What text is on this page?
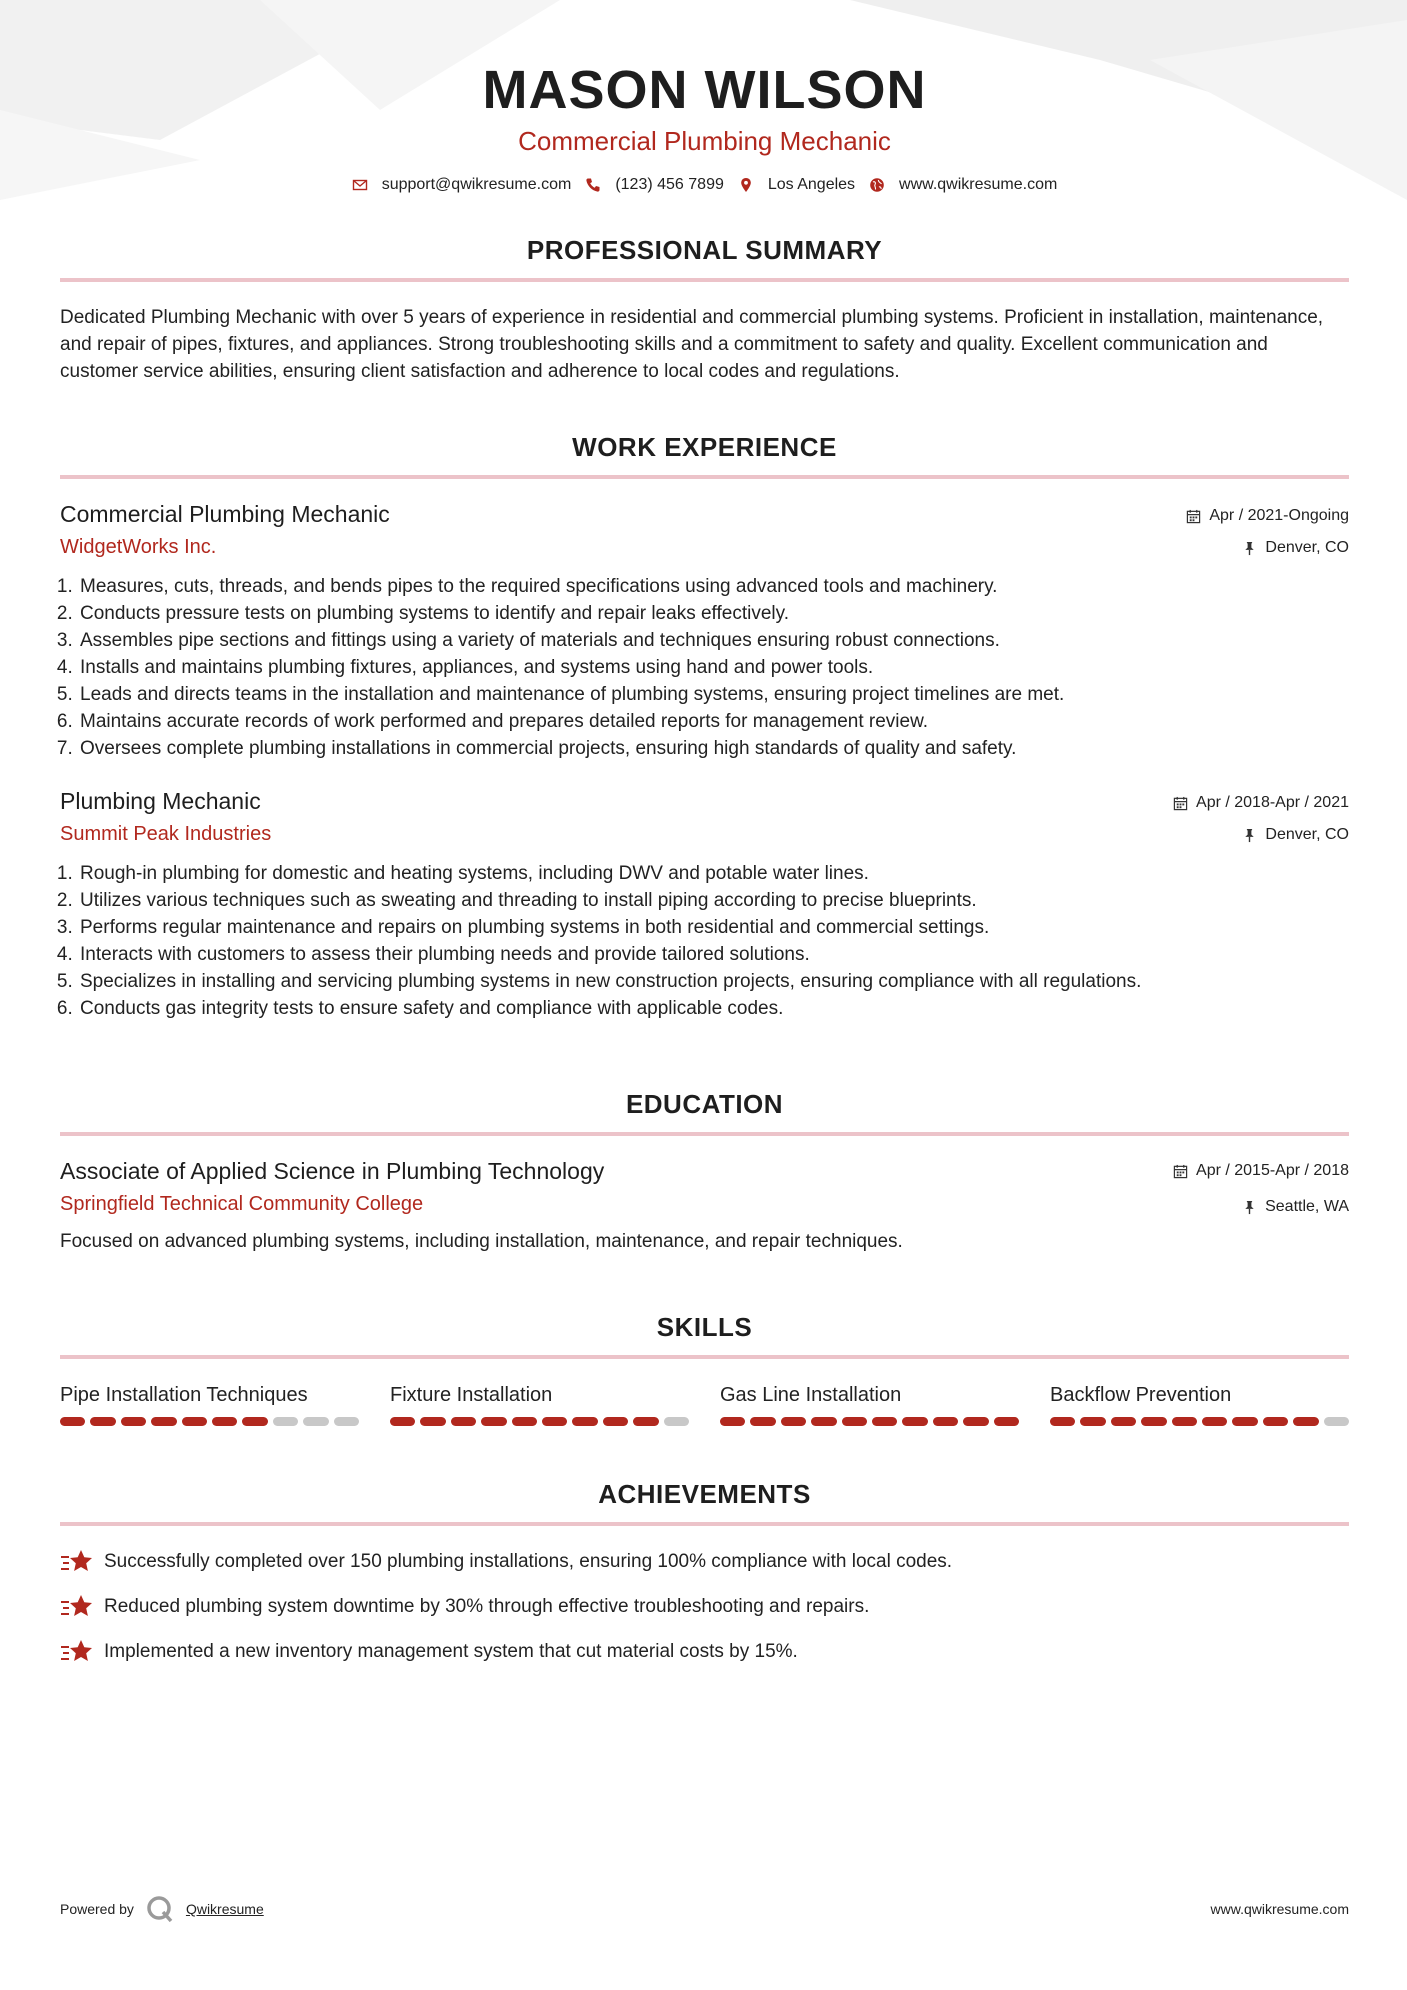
MASON WILSON
Commercial Plumbing Mechanic
support@qwikresume.com	(123) 456 7899	Los Angeles	www.qwikresume.com
PROFESSIONAL SUMMARY

Dedicated Plumbing Mechanic with over 5 years of experience in residential and commercial plumbing systems. Proficient in installation, maintenance, and repair of pipes, fixtures, and appliances. Strong troubleshooting skills and a commitment to safety and quality. Excellent communication and customer service abilities, ensuring client satisfaction and adherence to local codes and regulations.

WORK EXPERIENCE
Commercial Plumbing Mechanic
WidgetWorks Inc.
Apr / 2021-Ongoing
Denver, CO
1. Measures, cuts, threads, and bends pipes to the required specifications using advanced tools and machinery.
2. Conducts pressure tests on plumbing systems to identify and repair leaks effectively.
3. Assembles pipe sections and fittings using a variety of materials and techniques ensuring robust connections.
4. Installs and maintains plumbing fixtures, appliances, and systems using hand and power tools.
5. Leads and directs teams in the installation and maintenance of plumbing systems, ensuring project timelines are met.
6. Maintains accurate records of work performed and prepares detailed reports for management review.
7. Oversees complete plumbing installations in commercial projects, ensuring high standards of quality and safety.
Plumbing Mechanic
Summit Peak Industries
Apr / 2018-Apr / 2021
Denver, CO
1. Rough-in plumbing for domestic and heating systems, including DWV and potable water lines.
2. Utilizes various techniques such as sweating and threading to install piping according to precise blueprints.
3. Performs regular maintenance and repairs on plumbing systems in both residential and commercial settings.
4. Interacts with customers to assess their plumbing needs and provide tailored solutions.
5. Specializes in installing and servicing plumbing systems in new construction projects, ensuring compliance with all regulations.
6. Conducts gas integrity tests to ensure safety and compliance with applicable codes.
EDUCATION
Associate of Applied Science in Plumbing Technology
Springfield Technical Community College
Apr / 2015-Apr / 2018
Seattle, WA

Focused on advanced plumbing systems, including installation, maintenance, and repair techniques.

SKILLS
Pipe Installation Techniques	Fixture Installation	Gas Line Installation	Backflow Prevention
ACHIEVEMENTS
Successfully completed over 150 plumbing installations, ensuring 100% compliance with local codes.
Reduced plumbing system downtime by 30% through effective troubleshooting and repairs.
Implemented a new inventory management system that cut material costs by 15%.
Powered by	Qwikresume	www.qwikresume.com
